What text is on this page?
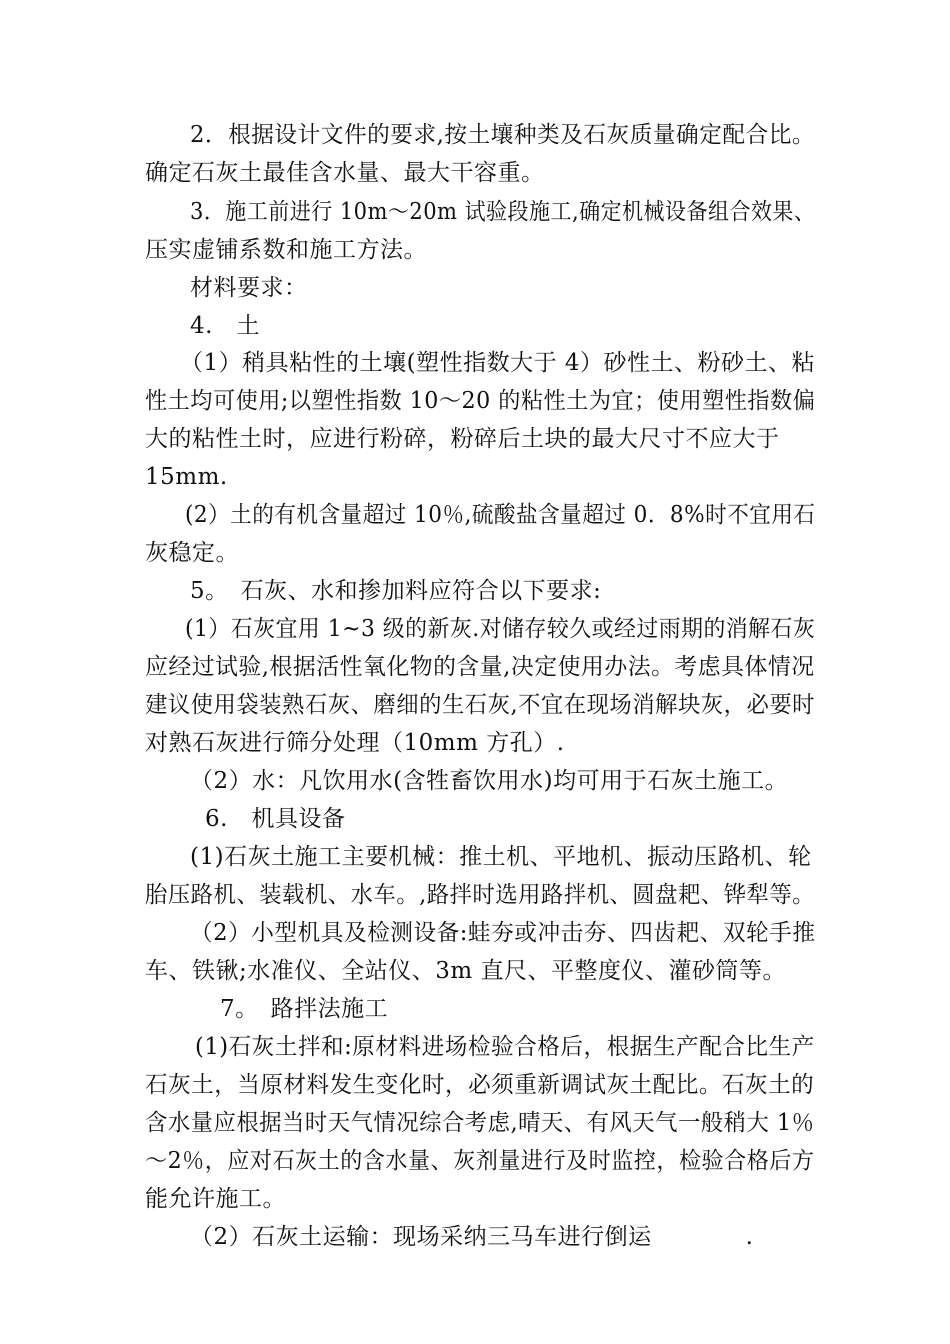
2．根据设计文件的要求,按土壤种类及石灰质量确定配合比。
确定石灰土最佳含水量、最大干容重。
3．施工前进行 10m～20m 试验段施工,确定机械设备组合效果、
压实虚铺系数和施工方法。
材料要求：
4.　土
（1）稍具粘性的土壤(塑性指数大于 4）砂性土、粉砂土、粘
性土均可使用;以塑性指数 10～20 的粘性土为宜；使用塑性指数偏
大的粘性土时，应进行粉碎，粉碎后土块的最大尺寸不应大于
15mm.
(2）土的有机含量超过 10％,硫酸盐含量超过 0．8%时不宜用石
灰稳定。
5。　石灰、水和掺加料应符合以下要求:
(1）石灰宜用 1~3 级的新灰.对储存较久或经过雨期的消解石灰
应经过试验,根据活性氧化物的含量,决定使用办法。考虑具体情况
建议使用袋装熟石灰、磨细的生石灰,不宜在现场消解块灰，必要时
对熟石灰进行筛分处理（10mm 方孔）.
（2）水：凡饮用水(含牲畜饮用水)均可用于石灰土施工。
6.　机具设备
(1)石灰土施工主要机械：推土机、平地机、振动压路机、轮
胎压路机、装载机、水车。,路拌时选用路拌机、圆盘耙、铧犁等。
（2）小型机具及检测设备:蛙夯或冲击夯、四齿耙、双轮手推
车、铁锹;水准仪、全站仪、3m 直尺、平整度仪、灌砂筒等。
7。　路拌法施工
(1)石灰土拌和:原材料进场检验合格后，根据生产配合比生产
石灰土，当原材料发生变化时，必须重新调试灰土配比。石灰土的
含水量应根据当时天气情况综合考虑,晴天、有风天气一般稍大 1％
～2％，应对石灰土的含水量、灰剂量进行及时监控，检验合格后方
能允许施工。
（2）石灰土运输：现场采纳三马车进行倒运　　　　.
